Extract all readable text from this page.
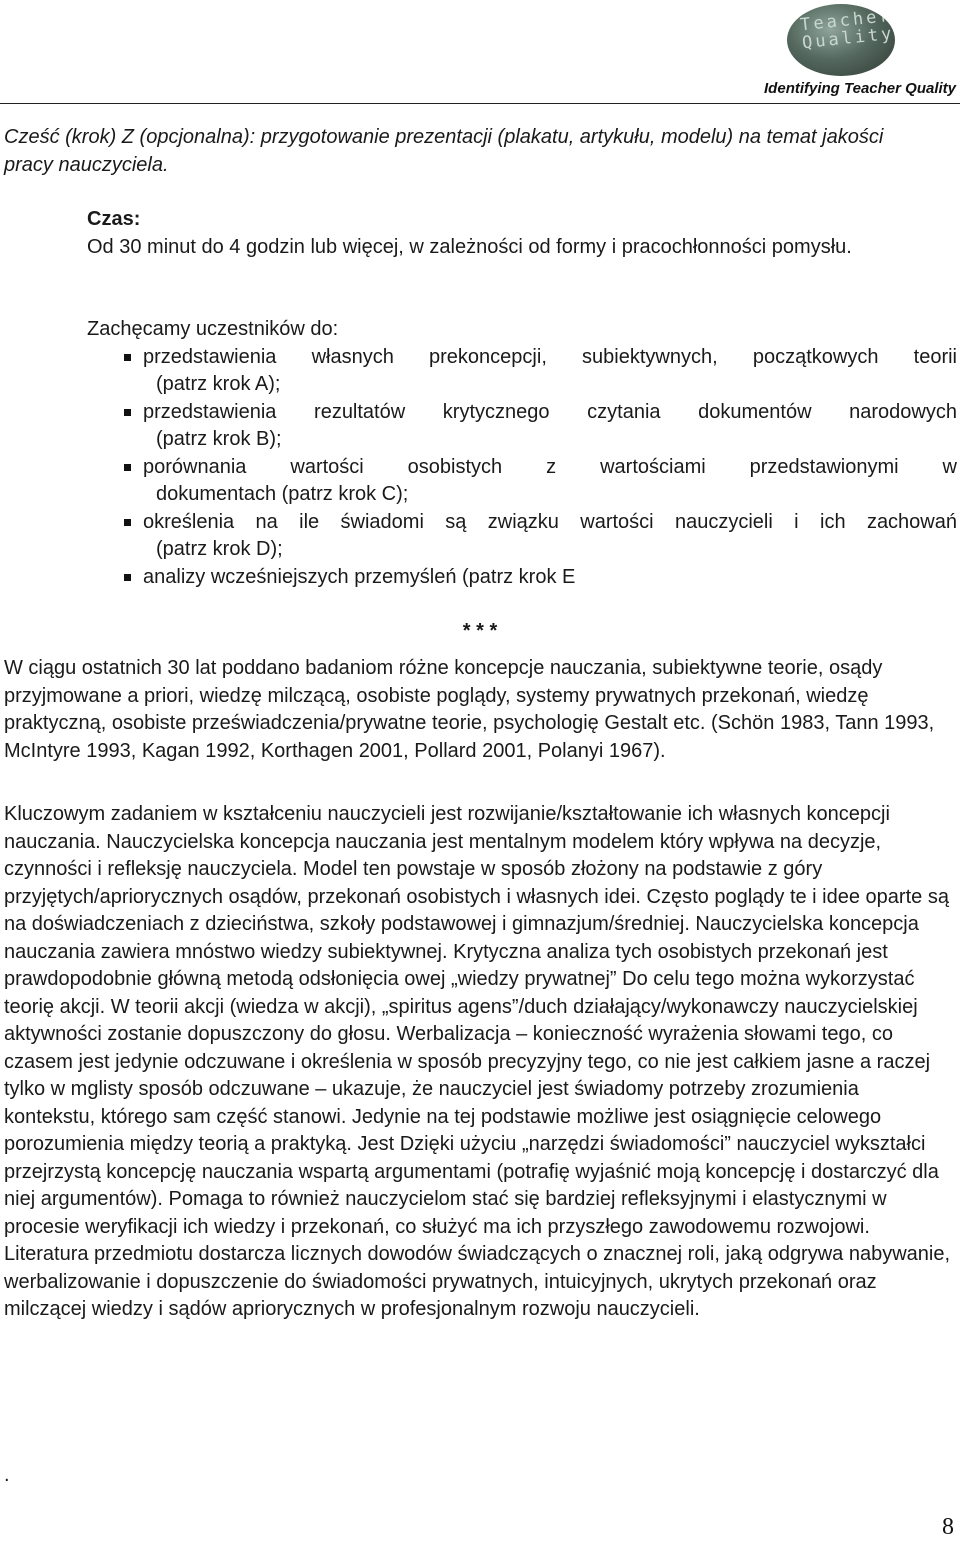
Teacher Quality
Identifying Teacher Quality
Cześć (krok) Z (opcjonalna): przygotowanie prezentacji (plakatu, artykułu, modelu) na temat jakości pracy nauczyciela.
Czas:
Od 30 minut do 4 godzin lub więcej, w zależności od formy i pracochłonności pomysłu.
Zachęcamy uczestników do:
przedstawienia własnych prekoncepcji, subiektywnych, początkowych teorii
(patrz krok A);
przedstawienia rezultatów krytycznego czytania dokumentów narodowych
(patrz krok B);
porównania wartości osobistych z wartościami przedstawionymi w
dokumentach (patrz krok C);
określenia na ile świadomi są związku wartości nauczycieli i ich zachowań
(patrz krok D);
analizy wcześniejszych przemyśleń (patrz krok E
* * *
W ciągu ostatnich 30 lat poddano badaniom różne koncepcje nauczania, subiektywne teorie, osądy przyjmowane a priori, wiedzę milczącą, osobiste poglądy, systemy prywatnych przekonań, wiedzę praktyczną, osobiste przeświadczenia/prywatne teorie, psychologię Gestalt etc. (Schön 1983, Tann 1993, McIntyre 1993, Kagan 1992, Korthagen 2001, Pollard 2001, Polanyi 1967).
Kluczowym zadaniem w kształceniu nauczycieli jest rozwijanie/kształtowanie ich własnych koncepcji nauczania. Nauczycielska koncepcja nauczania jest mentalnym modelem który wpływa na decyzje, czynności i refleksję nauczyciela. Model ten powstaje w sposób złożony na podstawie z góry przyjętych/apriorycznych osądów, przekonań osobistych i własnych idei. Często poglądy te i idee oparte są na doświadczeniach z dzieciństwa, szkoły podstawowej i gimnazjum/średniej. Nauczycielska koncepcja nauczania zawiera mnóstwo wiedzy subiektywnej. Krytyczna analiza tych osobistych przekonań jest prawdopodobnie główną metodą odsłonięcia owej „wiedzy prywatnej” Do celu tego można wykorzystać teorię akcji. W teorii akcji (wiedza w akcji), „spiritus agens”/duch działający/wykonawczy nauczycielskiej aktywności zostanie dopuszczony do głosu. Werbalizacja – konieczność wyrażenia słowami tego, co czasem jest jedynie odczuwane i określenia w sposób precyzyjny tego, co nie jest całkiem jasne a raczej tylko w mglisty sposób odczuwane – ukazuje, że nauczyciel jest świadomy potrzeby zrozumienia kontekstu, którego sam część stanowi. Jedynie na tej podstawie możliwe jest osiągnięcie celowego porozumienia między teorią a praktyką. Jest Dzięki użyciu „narzędzi świadomości” nauczyciel wykształci przejrzystą koncepcję nauczania wspartą argumentami (potrafię wyjaśnić moją koncepcję i dostarczyć dla niej argumentów). Pomaga to również nauczycielom stać się bardziej refleksyjnymi i elastycznymi w procesie weryfikacji ich wiedzy i przekonań, co służyć ma ich przyszłego zawodowemu rozwojowi. Literatura przedmiotu dostarcza licznych dowodów świadczących o znacznej roli, jaką odgrywa nabywanie, werbalizowanie i dopuszczenie do świadomości prywatnych, intuicyjnych, ukrytych przekonań oraz milczącej wiedzy i sądów apriorycznych w profesjonalnym rozwoju nauczycieli.
.
8
